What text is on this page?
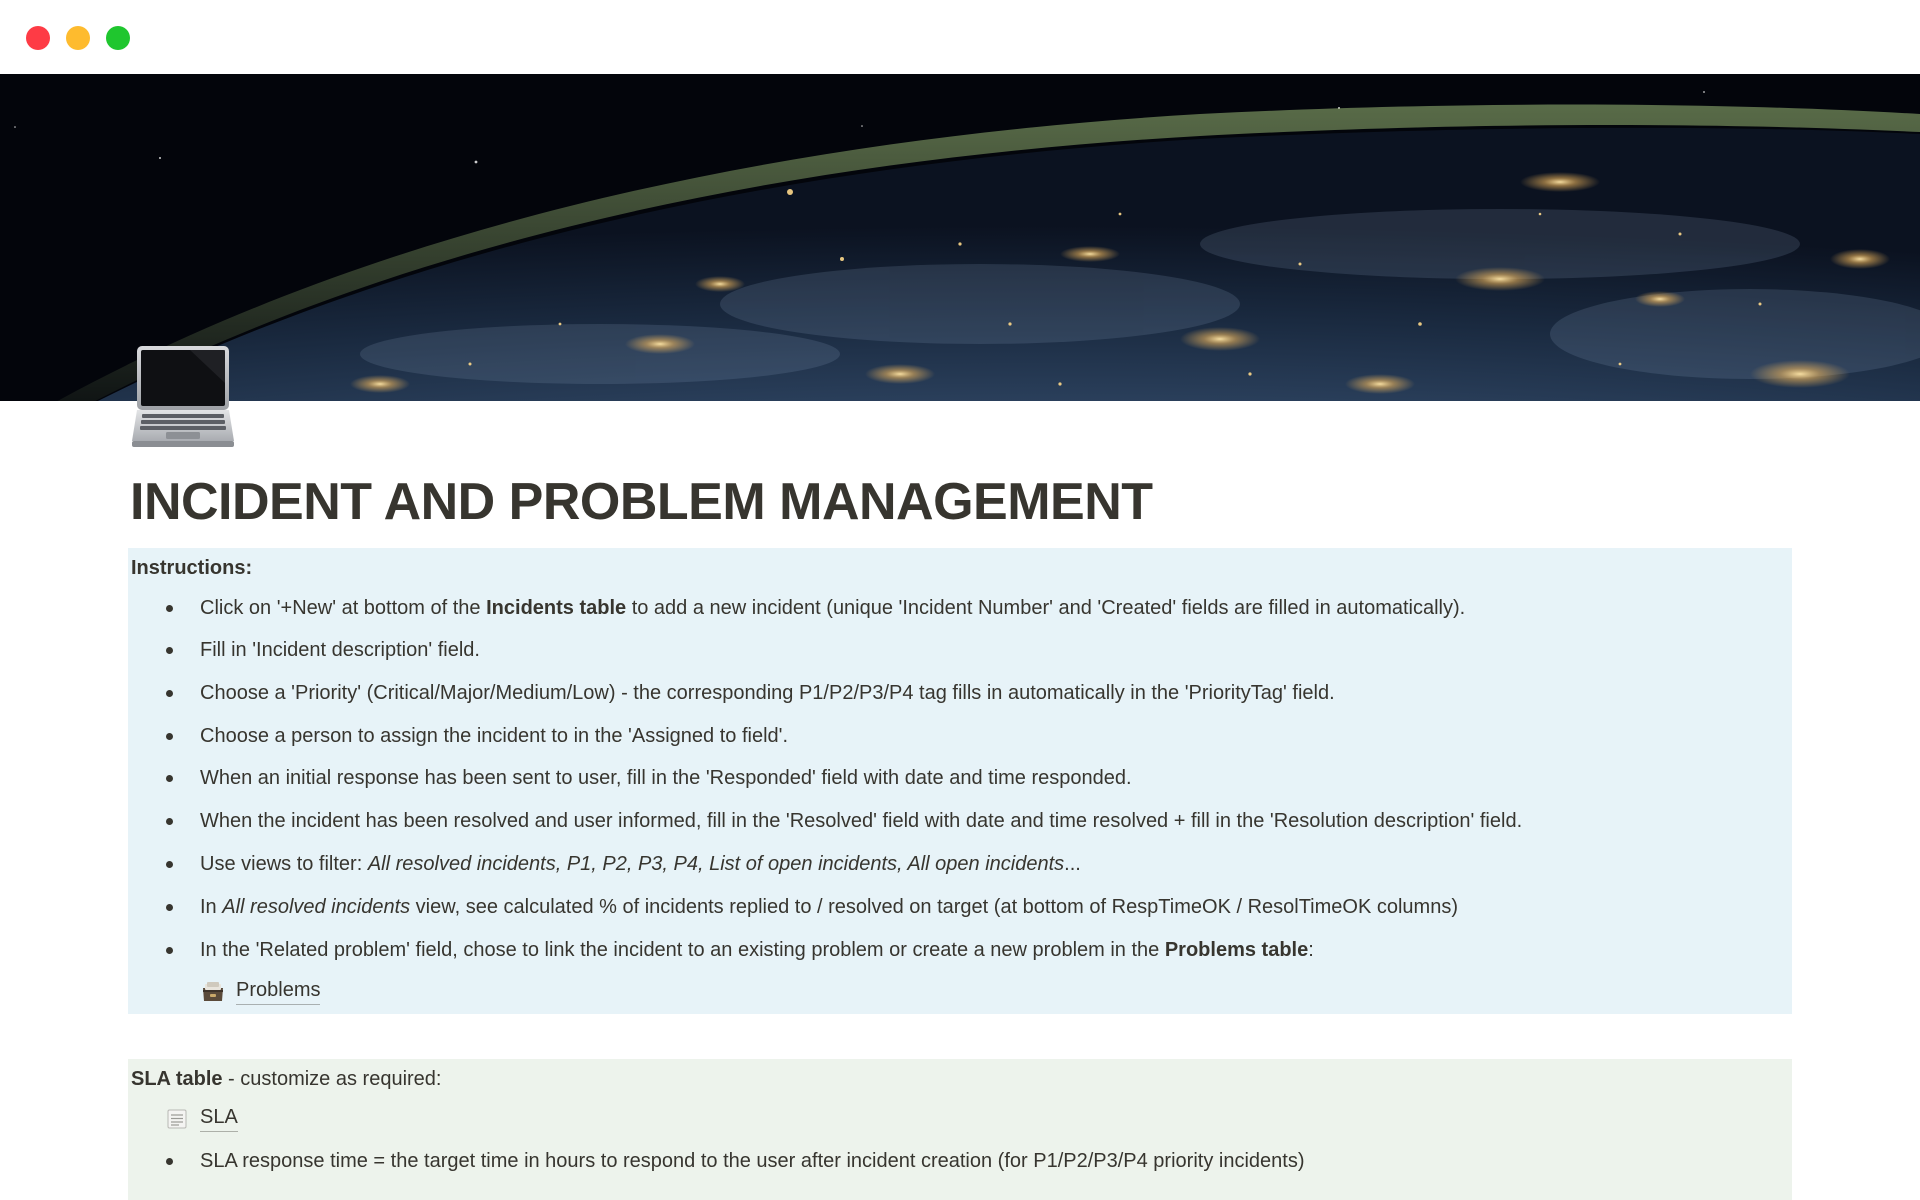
INCIDENT AND PROBLEM MANAGEMENT
Instructions:
Click on '+New' at bottom of the Incidents table to add a new incident (unique 'Incident Number' and 'Created' fields are filled in automatically).
Fill in 'Incident description' field.
Choose a 'Priority' (Critical/Major/Medium/Low) - the corresponding P1/P2/P3/P4 tag fills in automatically in the 'PriorityTag' field.
Choose a person to assign the incident to in the 'Assigned to field'.
When an initial response has been sent to user, fill in the 'Responded' field with date and time responded.
When the incident has been resolved and user informed, fill in the 'Resolved' field with date and time resolved + fill in the 'Resolution description' field.
Use views to filter: All resolved incidents, P1, P2, P3, P4, List of open incidents, All open incidents...
In All resolved incidents view, see calculated % of incidents replied to / resolved on target (at bottom of RespTimeOK / ResolTimeOK columns)
In the 'Related problem' field, chose to link the incident to an existing problem or create a new problem in the Problems table:
Problems
SLA table - customize as required:
SLA
SLA response time = the target time in hours to respond to the user after incident creation (for P1/P2/P3/P4 priority incidents)
